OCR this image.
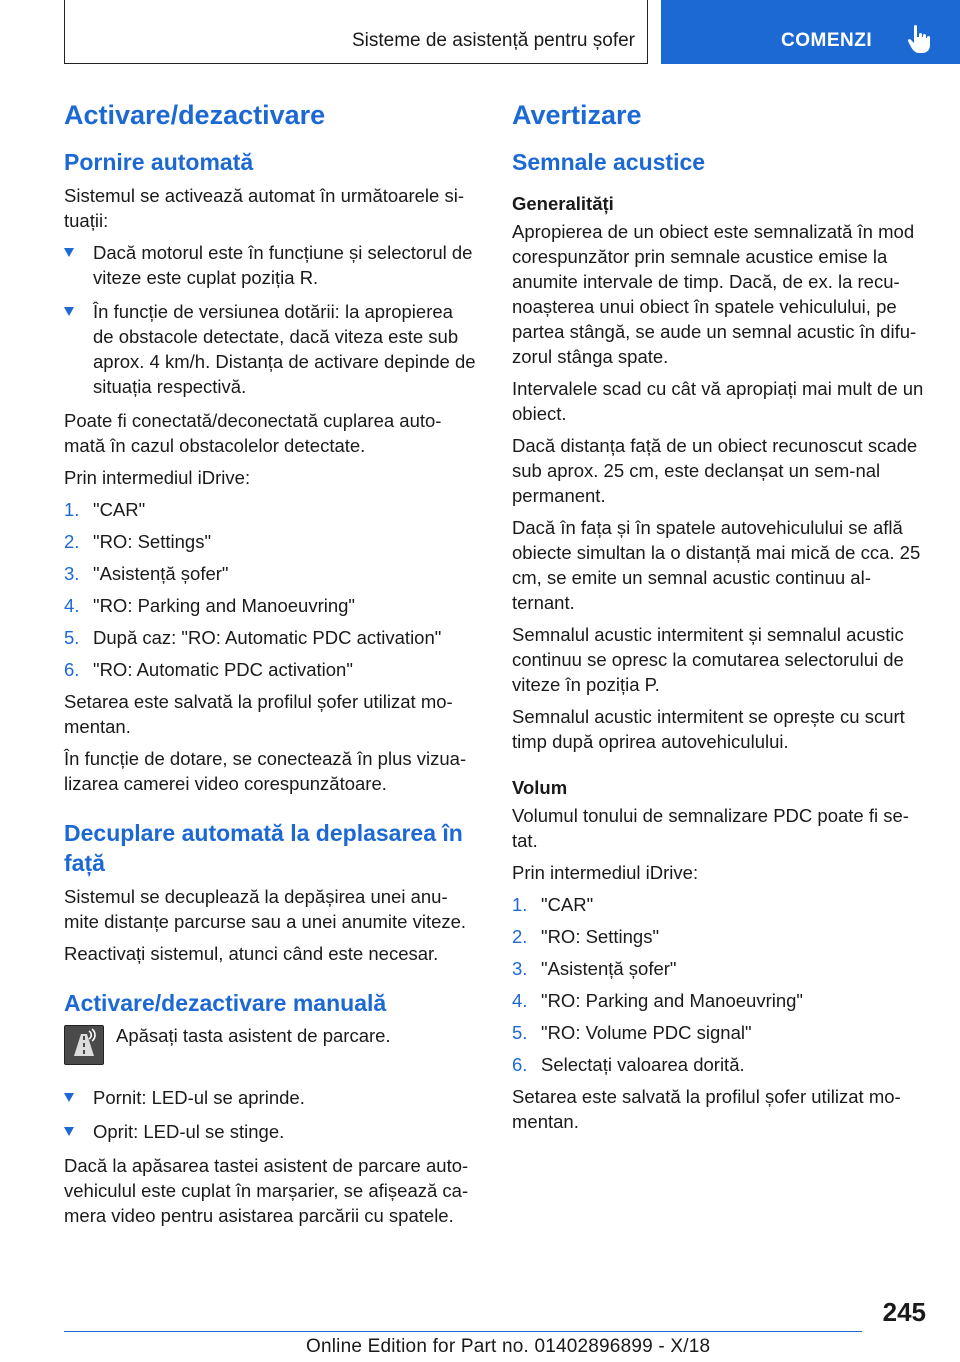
Sisteme de asistență pentru șofer	COMENZI
Activare/dezactivare
Pornire automată

Sistemul se activează automat în următoarele si-tuații:

Dacă motorul este în funcțiune și selectorul de viteze este cuplat poziția R.
În funcție de versiunea dotării: la apropierea de obstacole detectate, dacă viteza este sub aprox. 4 km/h. Distanța de activare depinde de situația respectivă.

Poate fi conectată/deconectată cuplarea auto-mată în cazul obstacolelor detectate.

Prin intermediul iDrive:

1. "CAR"
2. "RO: Settings"
3. "Asistență șofer"
4. "RO: Parking and Manoeuvring"
5. După caz: "RO: Automatic PDC activation"
6. "RO: Automatic PDC activation"

Setarea este salvată la profilul șofer utilizat mo-mentan.

În funcție de dotare, se conectează în plus vizua-lizarea camerei video corespunzătoare.

Decuplare automată la deplasarea în față

Sistemul se decuplează la depășirea unei anu-mite distanțe parcurse sau a unei anumite viteze.

Reactivați sistemul, atunci când este necesar.

Activare/dezactivare manuală
Apăsați tasta asistent de parcare.
Pornit: LED-ul se aprinde.
Oprit: LED-ul se stinge.

Dacă la apăsarea tastei asistent de parcare auto-vehiculul este cuplat în marșarier, se afișează ca-mera video pentru asistarea parcării cu spatele.

Avertizare
Semnale acustice
Generalități

Apropierea de un obiect este semnalizată în mod corespunzător prin semnale acustice emise la anumite intervale de timp. Dacă, de ex. la recu-noașterea unui obiect în spatele vehiculului, pe partea stângă, se aude un semnal acustic în difu-zorul stânga spate.

Intervalele scad cu cât vă apropiați mai mult de un obiect.

Dacă distanța față de un obiect recunoscut scade sub aprox. 25 cm, este declanșat un sem-nal permanent.

Dacă în fața și în spatele autovehiculului se află obiecte simultan la o distanță mai mică de cca. 25 cm, se emite un semnal acustic continuu al-ternant.

Semnalul acustic intermitent și semnalul acustic continuu se opresc la comutarea selectorului de viteze în poziția P.

Semnalul acustic intermitent se oprește cu scurt timp după oprirea autovehiculului.

Volum

Volumul tonului de semnalizare PDC poate fi se-tat.

Prin intermediul iDrive:

1. "CAR"
2. "RO: Settings"
3. "Asistență șofer"
4. "RO: Parking and Manoeuvring"
5. "RO: Volume PDC signal"
6. Selectați valoarea dorită.

Setarea este salvată la profilul șofer utilizat mo-mentan.

245
Online Edition for Part no. 01402896899 - X/18
